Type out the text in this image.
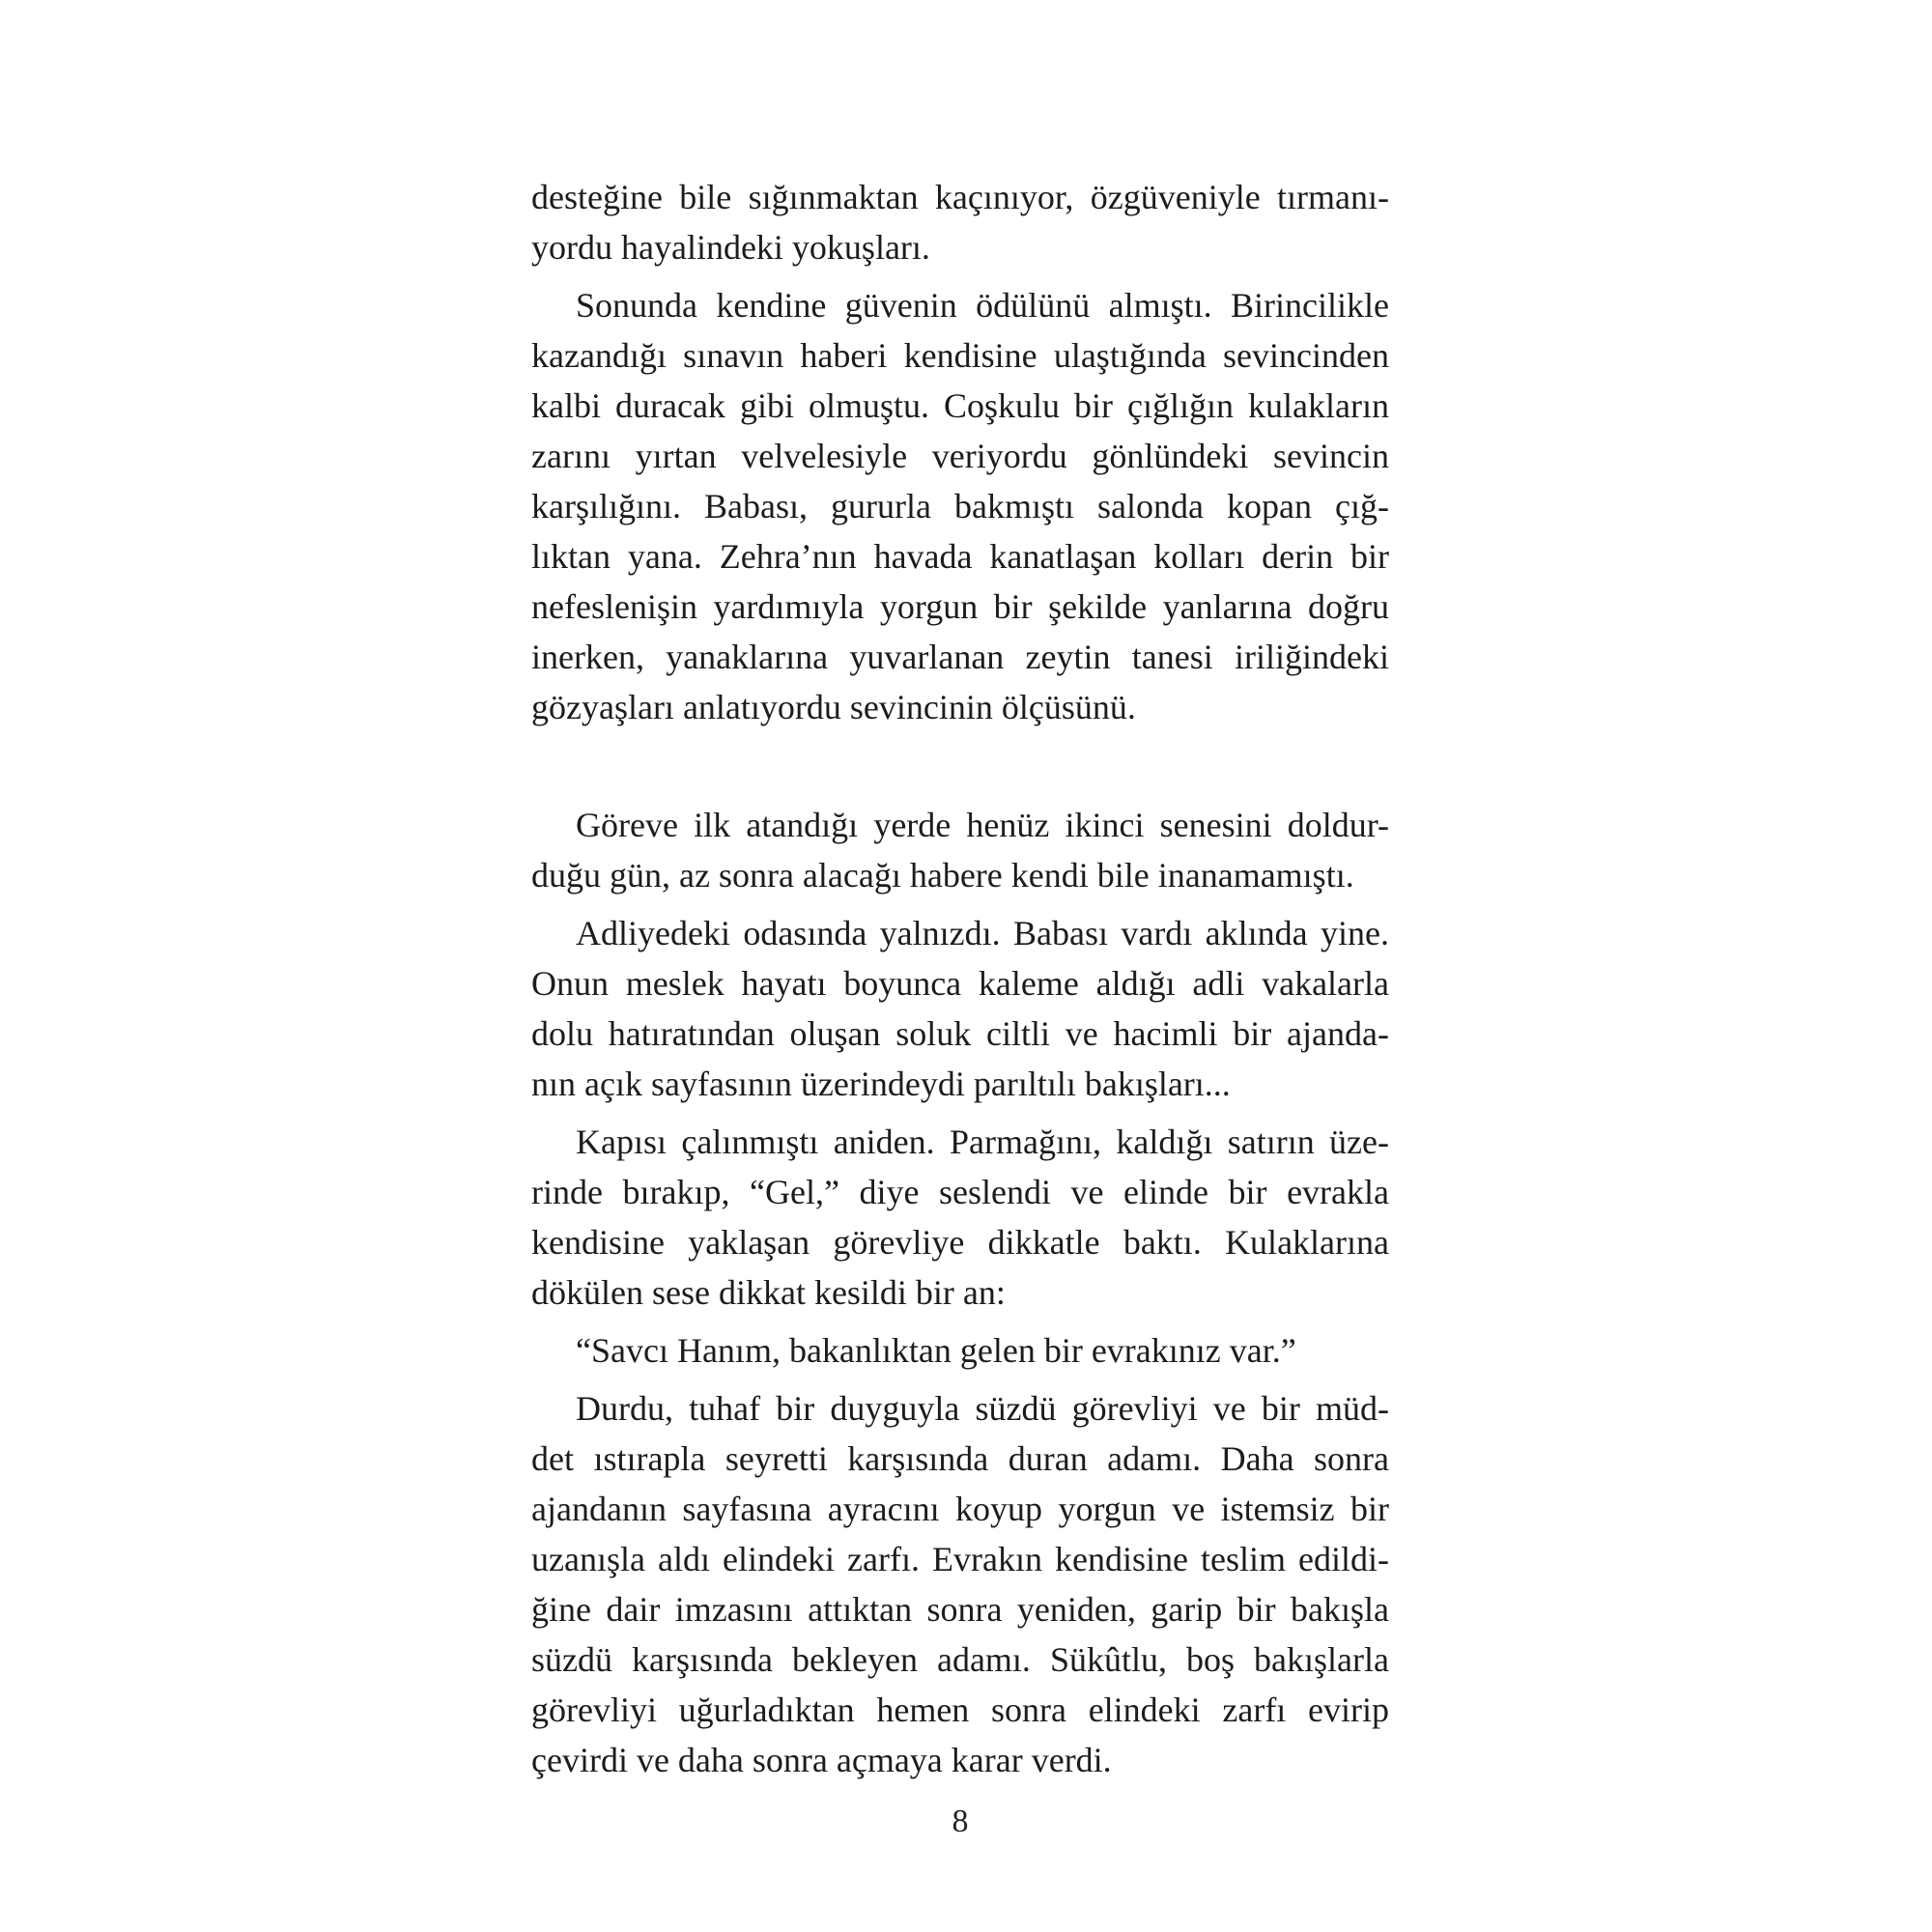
desteğine bile sığınmaktan kaçınıyor, özgüveniyle tırmanı-
yordu hayalindeki yokuşları.

Sonunda kendine güvenin ödülünü almıştı. Birincilikle
kazandığı sınavın haberi kendisine ulaştığında sevincinden
kalbi duracak gibi olmuştu. Coşkulu bir çığlığın kulakların
zarını yırtan velvelesiyle veriyordu gönlündeki sevincin
karşılığını. Babası, gururla bakmıştı salonda kopan çığ-
lıktan yana. Zehra’nın havada kanatlaşan kolları derin bir
nefeslenişin yardımıyla yorgun bir şekilde yanlarına doğru
inerken, yanaklarına yuvarlanan zeytin tanesi iriliğindeki
gözyaşları anlatıyordu sevincinin ölçüsünü.

Göreve ilk atandığı yerde henüz ikinci senesini doldur-
duğu gün, az sonra alacağı habere kendi bile inanamamıştı.

Adliyedeki odasında yalnızdı. Babası vardı aklında yine.
Onun meslek hayatı boyunca kaleme aldığı adli vakalarla
dolu hatıratından oluşan soluk ciltli ve hacimli bir ajanda-
nın açık sayfasının üzerindeydi parıltılı bakışları...

Kapısı çalınmıştı aniden. Parmağını, kaldığı satırın üze-
rinde bırakıp, “Gel,” diye seslendi ve elinde bir evrakla
kendisine yaklaşan görevliye dikkatle baktı. Kulaklarına
dökülen sese dikkat kesildi bir an:

“Savcı Hanım, bakanlıktan gelen bir evrakınız var.”

Durdu, tuhaf bir duyguyla süzdü görevliyi ve bir müd-
det ıstırapla seyretti karşısında duran adamı. Daha sonra
ajandanın sayfasına ayracını koyup yorgun ve istemsiz bir
uzanışla aldı elindeki zarfı. Evrakın kendisine teslim edildi-
ğine dair imzasını attıktan sonra yeniden, garip bir bakışla
süzdü karşısında bekleyen adamı. Sükûtlu, boş bakışlarla
görevliyi uğurladıktan hemen sonra elindeki zarfı evirip
çevirdi ve daha sonra açmaya karar verdi.

8
